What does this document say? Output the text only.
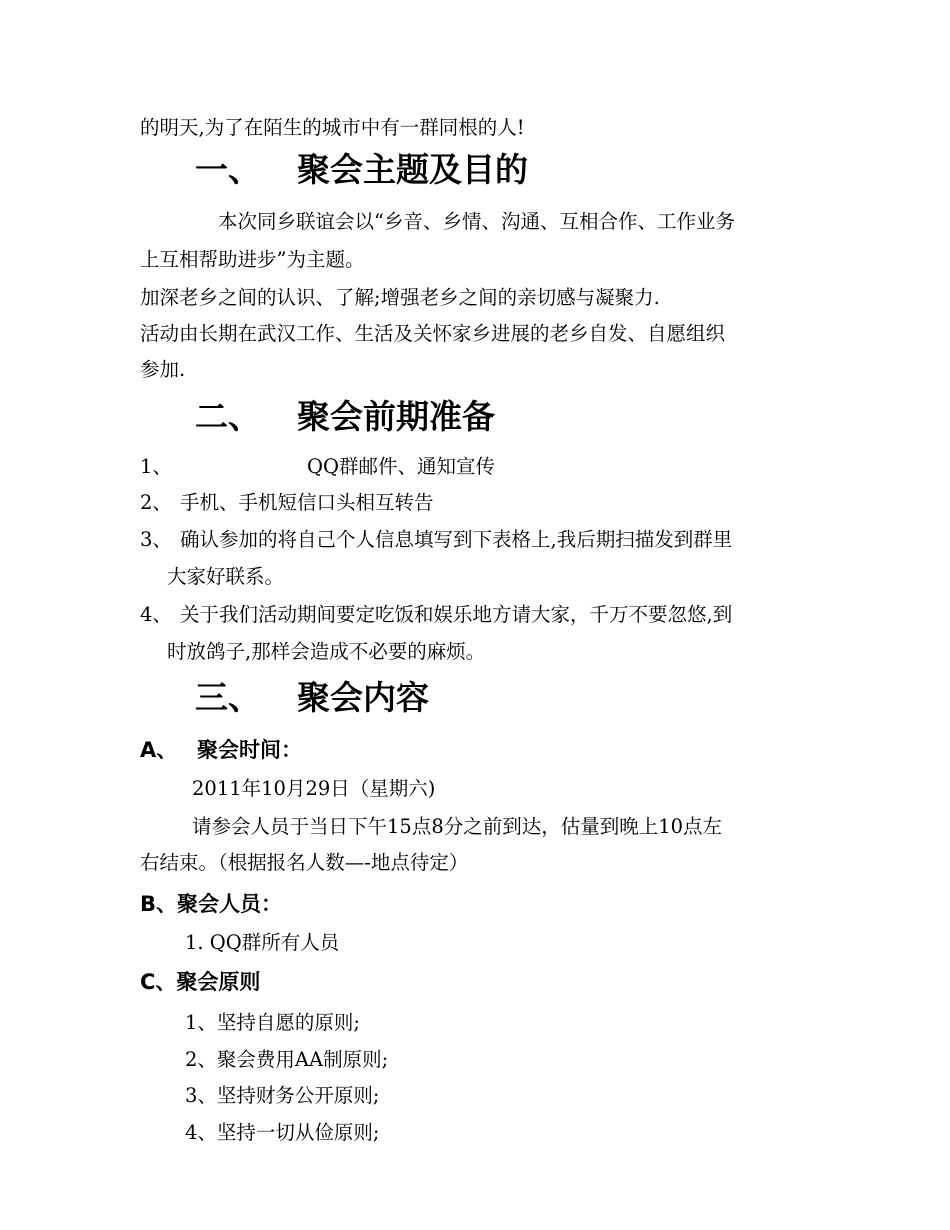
的明天,为了在陌生的城市中有一群同根的人!
一、 聚会主题及目的
本次同乡联谊会以“乡音、乡情、沟通、互相合作、工作业务
上互相帮助进步”为主题。
加深老乡之间的认识、了解;增强老乡之间的亲切感与凝聚力.
活动由长期在武汉工作、生活及关怀家乡进展的老乡自发、自愿组织
参加.
二、 聚会前期准备
1、	QQ群邮件、通知宣传
2、 手机、手机短信口头相互转告
3、 确认参加的将自己个人信息填写到下表格上,我后期扫描发到群里
大家好联系。
4、 关于我们活动期间要定吃饭和娱乐地方请大家，千万不要忽悠,到
时放鸽子,那样会造成不必要的麻烦。
三、 聚会内容
A、 聚会时间：
2011年10月29日（星期六)
请参会人员于当日下午15点8分之前到达，估量到晚上10点左
右结束。（根据报名人数—-地点待定）
B、聚会人员：
1. QQ群所有人员
C、聚会原则
1、坚持自愿的原则;
2、聚会费用AA制原则;
3、坚持财务公开原则;
4、坚持一切从俭原则;
